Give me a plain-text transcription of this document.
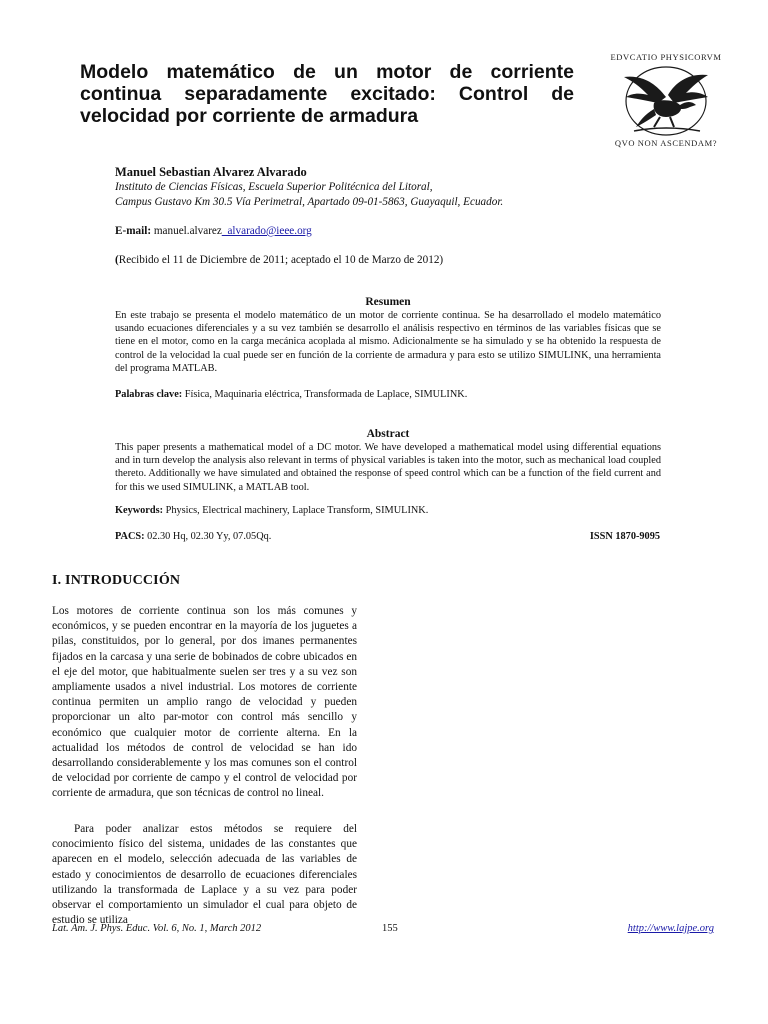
Modelo matemático de un motor de corriente continua separadamente excitado: Control de velocidad por corriente de armadura
EDVCATIO PHYSICORVM
QVO NON ASCENDAM?
Manuel Sebastian Alvarez Alvarado
Instituto de Ciencias Físicas, Escuela Superior Politécnica del Litoral,
Campus Gustavo Km 30.5 Vía Perimetral, Apartado 09-01-5863, Guayaquil, Ecuador.
E-mail: manuel.alvarez_alvarado@ieee.org
(Recibido el 11 de Diciembre de 2011; aceptado el 10 de Marzo de 2012)
Resumen

En este trabajo se presenta el modelo matemático de un motor de corriente continua. Se ha desarrollado el modelo matemático usando ecuaciones diferenciales y a su vez también se desarrollo el análisis respectivo en términos de las variables físicas que se tiene en el motor, como en la carga mecánica acoplada al mismo. Adicionalmente se ha simulado y se ha obtenido la respuesta de control de la velocidad la cual puede ser en función de la corriente de armadura y para esto se utilizo SIMULINK, una herramienta del programa MATLAB.

Palabras clave: Física, Maquinaria eléctrica, Transformada de Laplace, SIMULINK.
Abstract

This paper presents a mathematical model of a DC motor. We have developed a mathematical model using differential equations and in turn develop the analysis also relevant in terms of physical variables is taken into the motor, such as mechanical load coupled thereto. Additionally we have simulated and obtained the response of speed control which can be a function of the field current and for this we used SIMULINK, a MATLAB tool.

Keywords: Physics, Electrical machinery, Laplace Transform, SIMULINK.
PACS: 02.30 Hq, 02.30 Yy, 07.05Qq.	ISSN 1870-9095
I. INTRODUCCIÓN

Los motores de corriente continua son los más comunes y económicos, y se pueden encontrar en la mayoría de los juguetes a pilas, constituidos, por lo general, por dos imanes permanentes fijados en la carcasa y una serie de bobinados de cobre ubicados en el eje del motor, que habitualmente suelen ser tres y a su vez son ampliamente usados a nivel industrial. Los motores de corriente continua permiten un amplio rango de velocidad y pueden proporcionar un alto par-motor con control más sencillo y económico que cualquier motor de corriente alterna. En la actualidad los métodos de control de velocidad se han ido desarrollando considerablemente y los mas comunes son el control de velocidad por corriente de campo y el control de velocidad por corriente de armadura, que son técnicas de control no lineal.

Para poder analizar estos métodos se requiere del conocimiento físico del sistema, unidades de las constantes que aparecen en el modelo, selección adecuada de las variables de estado y conocimientos de desarrollo de ecuaciones diferenciales utilizando la transformada de Laplace y a su vez para poder observar el comportamiento un simulador el cual para objeto de estudio se utiliza

Lat. Am. J. Phys. Educ. Vol. 6, No. 1, March 2012	155	http://www.lajpe.org
